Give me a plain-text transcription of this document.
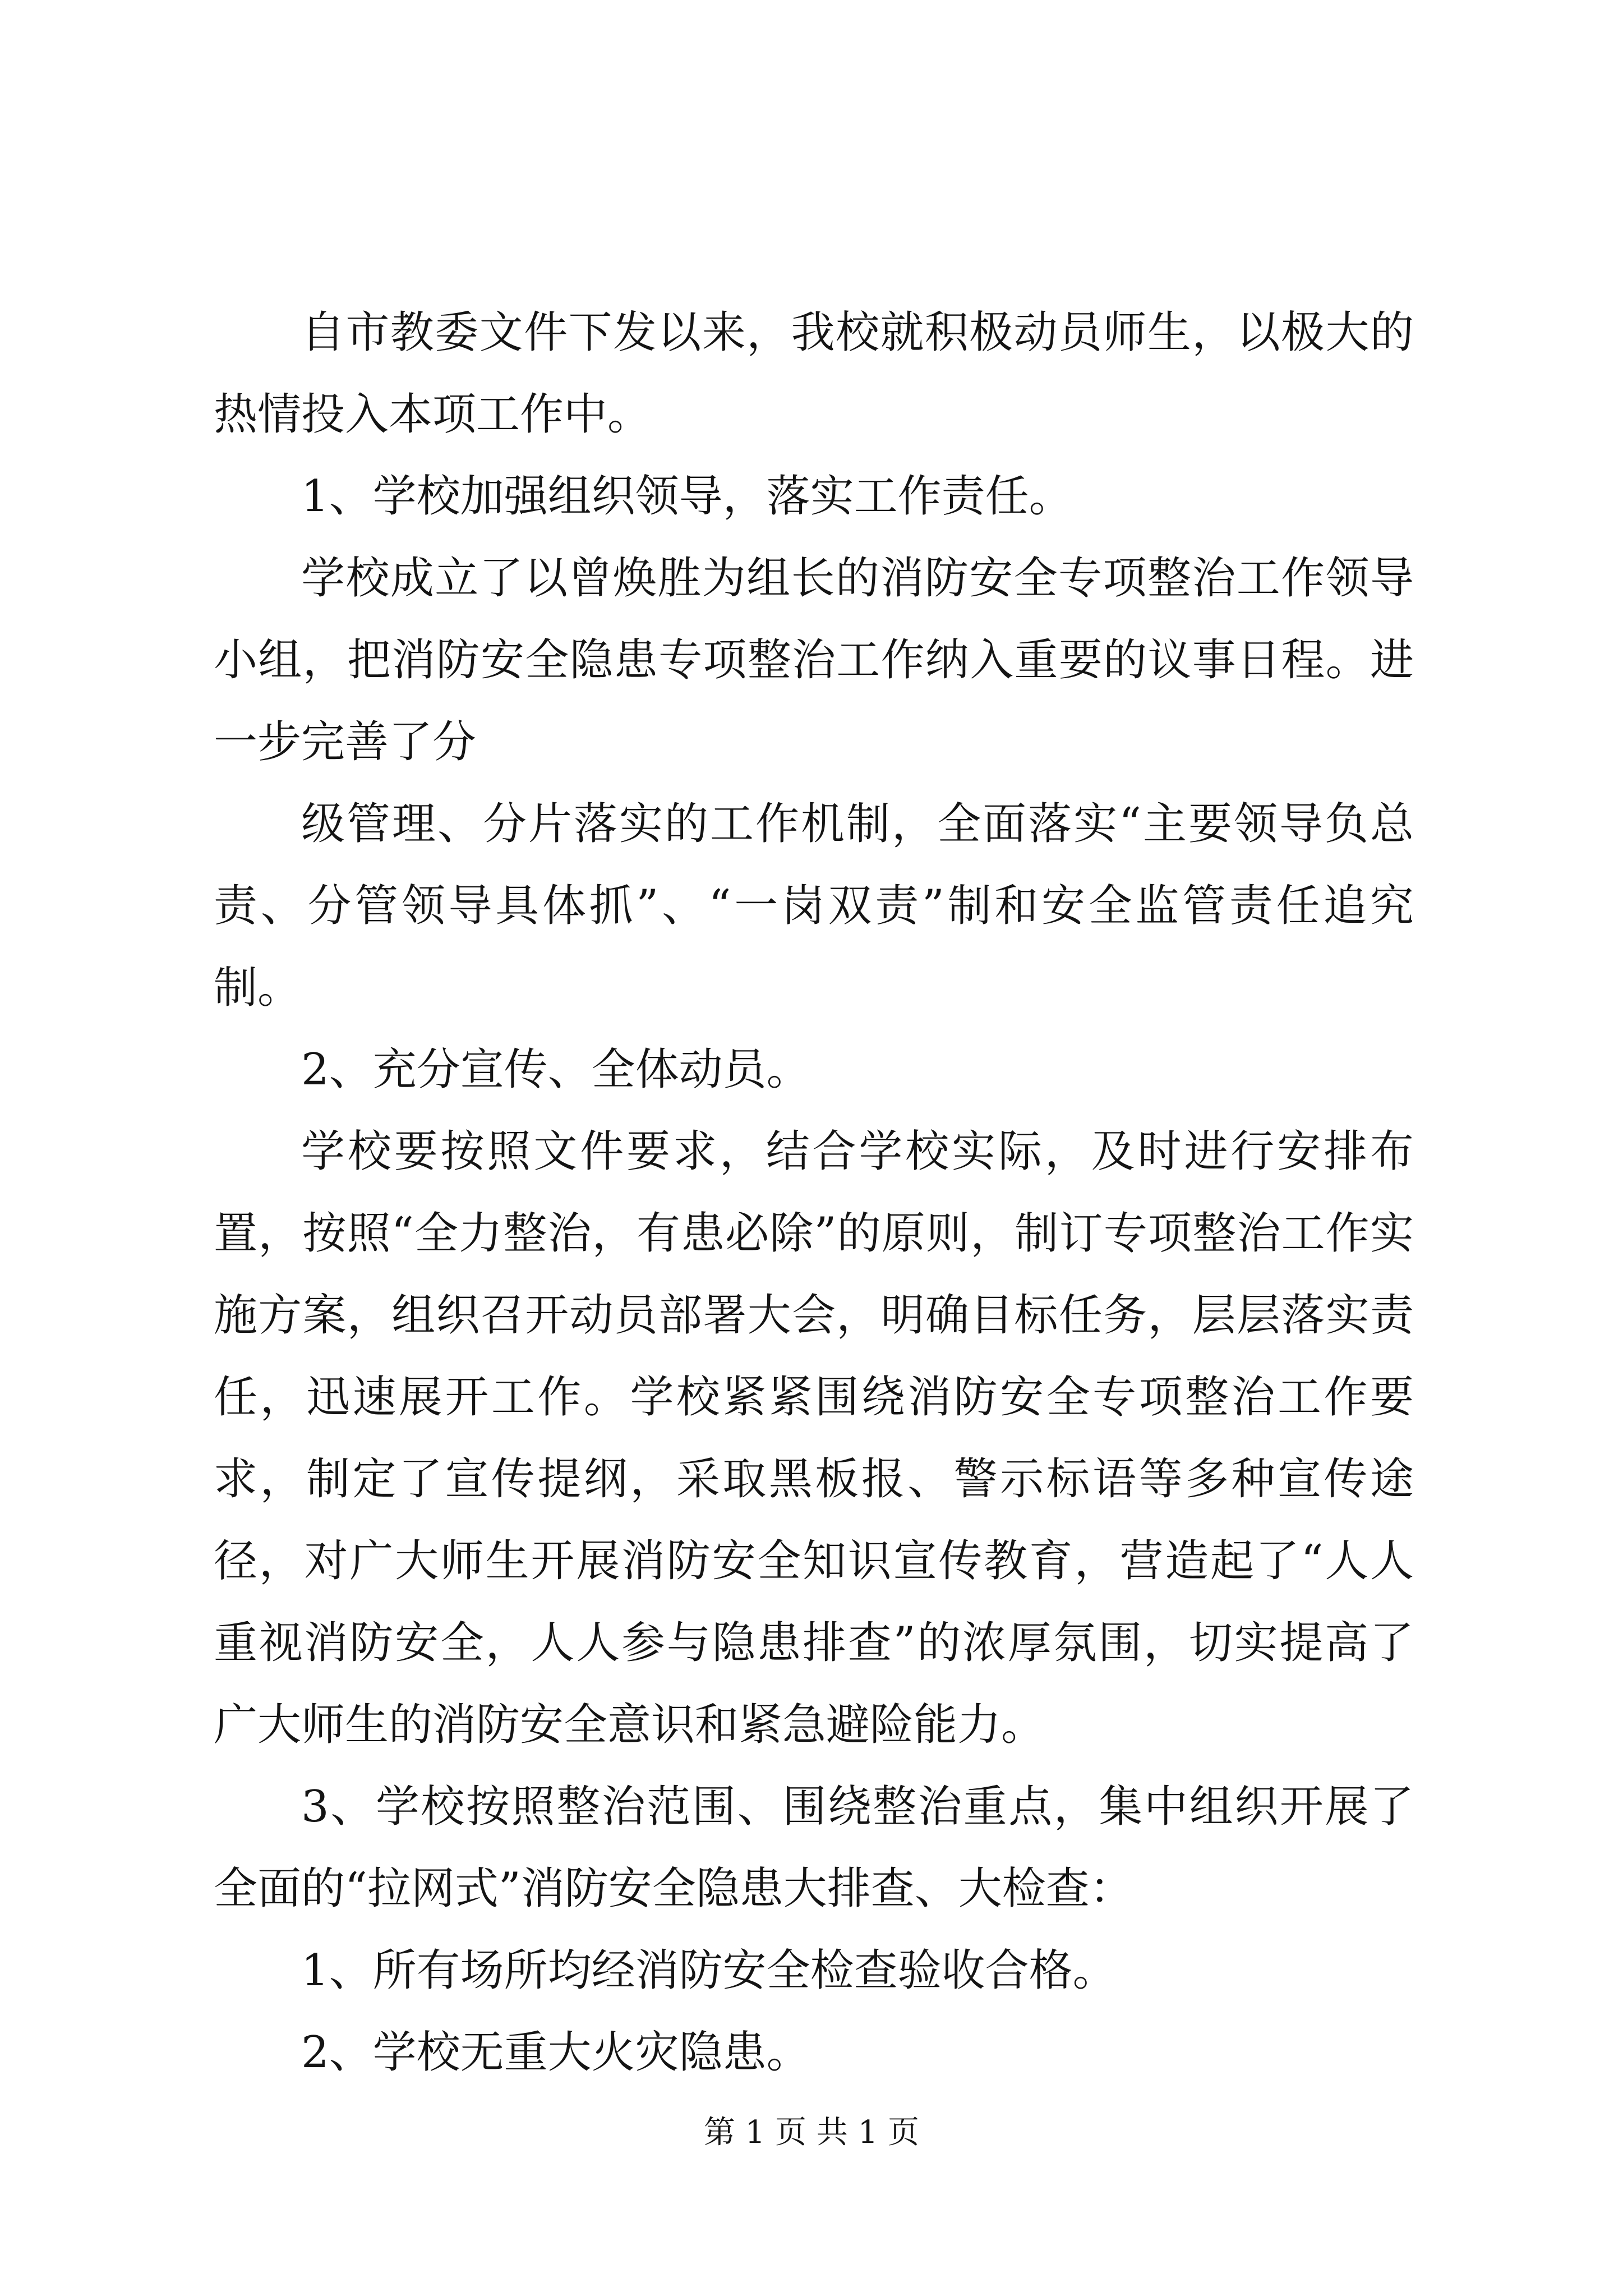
自市教委文件下发以来，我校就积极动员师生，以极大的热情投入本项工作中。

1、学校加强组织领导，落实工作责任。

学校成立了以曾焕胜为组长的消防安全专项整治工作领导小组，把消防安全隐患专项整治工作纳入重要的议事日程。进一步完善了分

级管理、分片落实的工作机制，全面落实“主要领导负总责、分管领导具体抓”、“一岗双责”制和安全监管责任追究制。

2、充分宣传、全体动员。

学校要按照文件要求，结合学校实际，及时进行安排布置，按照“全力整治，有患必除”的原则，制订专项整治工作实施方案，组织召开动员部署大会，明确目标任务，层层落实责任，迅速展开工作。学校紧紧围绕消防安全专项整治工作要求，制定了宣传提纲，采取黑板报、警示标语等多种宣传途径，对广大师生开展消防安全知识宣传教育，营造起了“人人重视消防安全，人人参与隐患排查”的浓厚氛围，切实提高了广大师生的消防安全意识和紧急避险能力。

3、学校按照整治范围、围绕整治重点，集中组织开展了全面的“拉网式”消防安全隐患大排查、大检查：

1、所有场所均经消防安全检查验收合格。

2、学校无重大火灾隐患。

第 1 页 共 1 页
